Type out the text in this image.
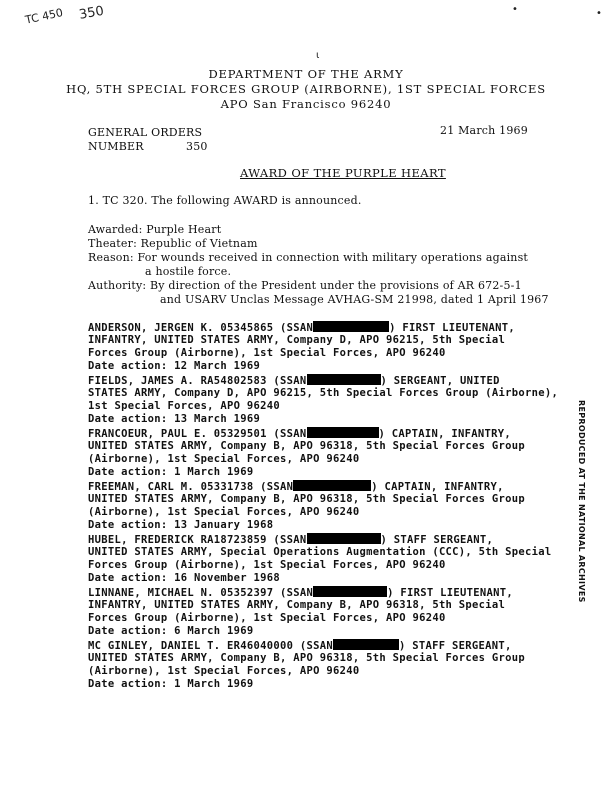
TC 450 350	•	•
ɩ
DEPARTMENT OF THE ARMY
HQ, 5TH SPECIAL FORCES GROUP (AIRBORNE), 1ST SPECIAL FORCES
APO San Francisco 96240
GENERAL ORDERS	21 March 1969
NUMBER	350
AWARD OF THE PURPLE HEART
1. TC 320. The following AWARD is announced.
Awarded: Purple Heart
Theater: Republic of Vietnam
Reason: For wounds received in connection with military operations against
a hostile force.
Authority: By direction of the President under the provisions of AR 672-5-1
and USARV Unclas Message AVHAG-SM 21998, dated 1 April 1967
ANDERSON, JERGEN K. 05345865 (SSAN	) FIRST LIEUTENANT,
INFANTRY, UNITED STATES ARMY, Company D, APO 96215, 5th Special
Forces Group (Airborne), 1st Special Forces, APO 96240
Date action: 12 March 1969
FIELDS, JAMES A. RA54802583 (SSAN	) SERGEANT, UNITED
STATES ARMY, Company D, APO 96215, 5th Special Forces Group (Airborne),
1st Special Forces, APO 96240
Date action: 13 March 1969
FRANCOEUR, PAUL E. 05329501 (SSAN	) CAPTAIN, INFANTRY,
UNITED STATES ARMY, Company B, APO 96318, 5th Special Forces Group
(Airborne), 1st Special Forces, APO 96240
Date action: 1 March 1969
FREEMAN, CARL M. 05331738 (SSAN	) CAPTAIN, INFANTRY,
UNITED STATES ARMY, Company B, APO 96318, 5th Special Forces Group
(Airborne), 1st Special Forces, APO 96240
Date action: 13 January 1968
HUBEL, FREDERICK RA18723859 (SSAN	) STAFF SERGEANT,
UNITED STATES ARMY, Special Operations Augmentation (CCC), 5th Special
Forces Group (Airborne), 1st Special Forces, APO 96240
Date action: 16 November 1968
LINNANE, MICHAEL N. 05352397 (SSAN	) FIRST LIEUTENANT,
INFANTRY, UNITED STATES ARMY, Company B, APO 96318, 5th Special
Forces Group (Airborne), 1st Special Forces, APO 96240
Date action: 6 March 1969
MC GINLEY, DANIEL T. ER46040000 (SSAN	) STAFF SERGEANT,
UNITED STATES ARMY, Company B, APO 96318, 5th Special Forces Group
(Airborne), 1st Special Forces, APO 96240
Date action: 1 March 1969
REPRODUCED AT THE NATIONAL ARCHIVES
